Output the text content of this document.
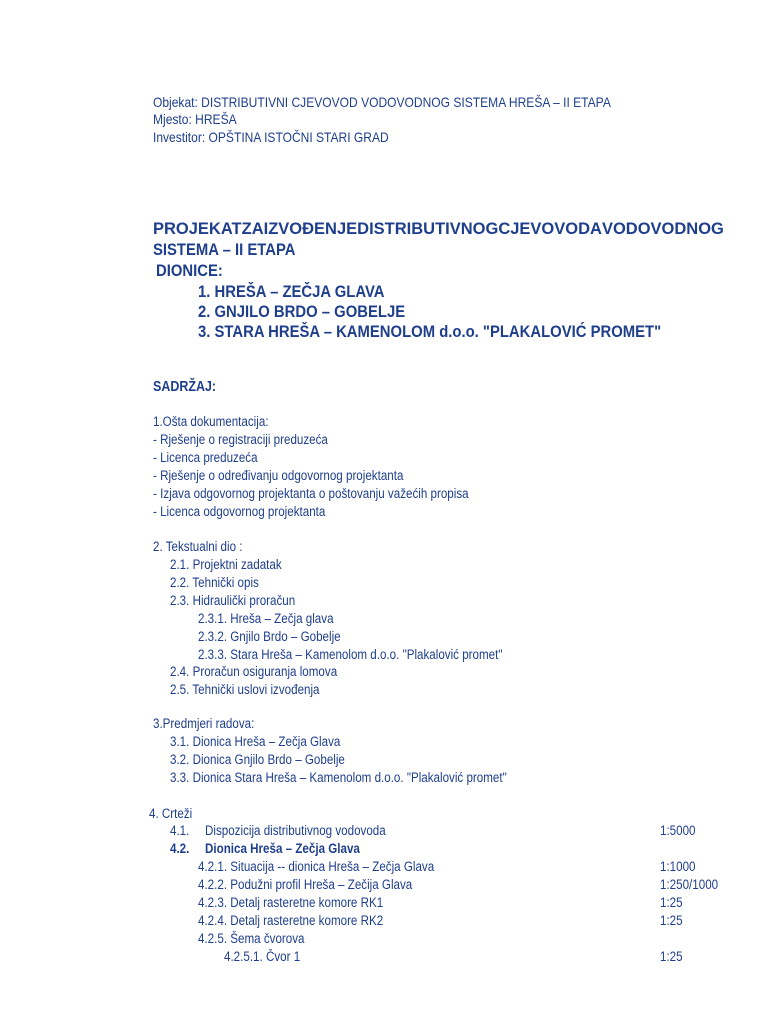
Objekat: DISTRIBUTIVNI CJEVOVOD VODOVODNOG SISTEMA HREŠA – II ETAPA
Mjesto: HREŠA
Investitor: OPŠTINA ISTOČNI STARI GRAD
PROJEKAT ZA IZVOĐENJE DISTRIBUTIVNOG CJEVOVODA VODOVODNOG
SISTEMA – II ETAPA
DIONICE:
1. HREŠA – ZEČJA GLAVA
2. GNJILO BRDO – GOBELJE
3. STARA HREŠA – KAMENOLOM d.o.o. "PLAKALOVIĆ PROMET"
SADRŽAJ:
1.Ošta dokumentacija:
- Rješenje o registraciji preduzeća
- Licenca preduzeća
- Rješenje o određivanju odgovornog projektanta
- Izjava odgovornog projektanta o poštovanju važećih propisa
- Licenca odgovornog projektanta
2. Tekstualni dio :
2.1. Projektni zadatak
2.2. Tehnički opis
2.3. Hidraulički proračun
2.3.1. Hreša – Zečja glava
2.3.2. Gnjilo Brdo – Gobelje
2.3.3. Stara Hreša – Kamenolom d.o.o. "Plakalović promet"
2.4. Proračun osiguranja lomova
2.5. Tehnički uslovi izvođenja
3.Predmjeri radova:
3.1. Dionica Hreša – Zečja Glava
3.2. Dionica Gnjilo Brdo – Gobelje
3.3. Dionica Stara Hreša – Kamenolom d.o.o. "Plakalović promet"
4. Crteži
4.1. Dispozicija distributivnog vodovoda	1:5000
4.2. Dionica Hreša – Zečja Glava
4.2.1. Situacija -- dionica Hreša – Zečja Glava	1:1000
4.2.2. Podužni profil Hreša – Zečija Glava	1:250/1000
4.2.3. Detalj rasteretne komore RK1	1:25
4.2.4. Detalj rasteretne komore RK2	1:25
4.2.5. Šema čvorova
4.2.5.1. Čvor 1	1:25
